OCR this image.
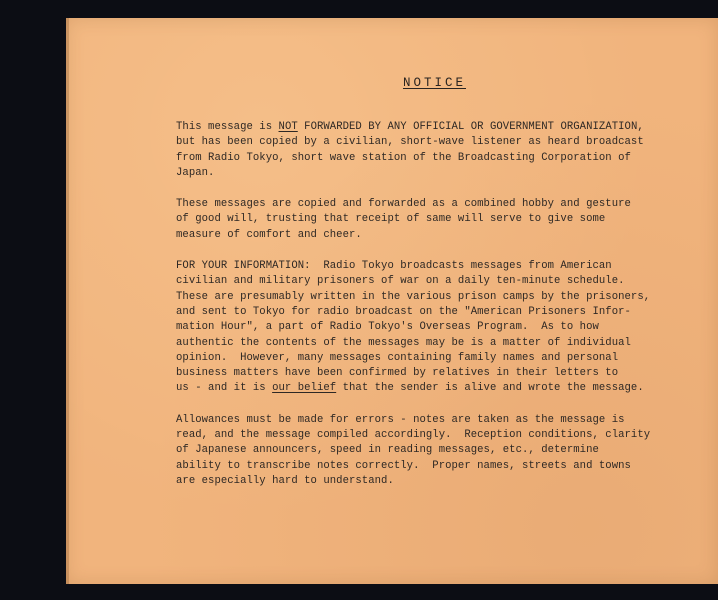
NOTICE

This message is NOT FORWARDED BY ANY OFFICIAL OR GOVERNMENT ORGANIZATION,
but has been copied by a civilian, short-wave listener as heard broadcast
from Radio Tokyo, short wave station of the Broadcasting Corporation of
Japan.

These messages are copied and forwarded as a combined hobby and gesture
of good will, trusting that receipt of same will serve to give some
measure of comfort and cheer.

FOR YOUR INFORMATION:  Radio Tokyo broadcasts messages from American
civilian and military prisoners of war on a daily ten-minute schedule.
These are presumably written in the various prison camps by the prisoners,
and sent to Tokyo for radio broadcast on the "American Prisoners Infor-
mation Hour", a part of Radio Tokyo's Overseas Program.  As to how
authentic the contents of the messages may be is a matter of individual
opinion.  However, many messages containing family names and personal
business matters have been confirmed by relatives in their letters to
us - and it is our belief that the sender is alive and wrote the message.

Allowances must be made for errors - notes are taken as the message is
read, and the message compiled accordingly.  Reception conditions, clarity
of Japanese announcers, speed in reading messages, etc., determine
ability to transcribe notes correctly.  Proper names, streets and towns
are especially hard to understand.
